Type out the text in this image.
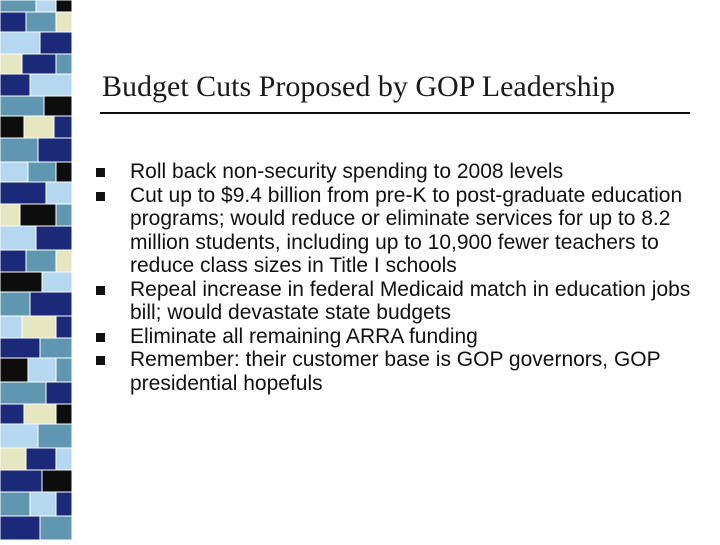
Budget Cuts Proposed by GOP Leadership
Roll back non-security spending to 2008 levels
Cut up to $9.4 billion from pre-K to post-graduate education programs; would reduce or eliminate services for up to 8.2 million students, including up to 10,900 fewer teachers to reduce class sizes in Title I schools
Repeal increase in federal Medicaid match in education jobs bill; would devastate state budgets
Eliminate all remaining ARRA funding
Remember: their customer base is GOP governors, GOP presidential hopefuls
